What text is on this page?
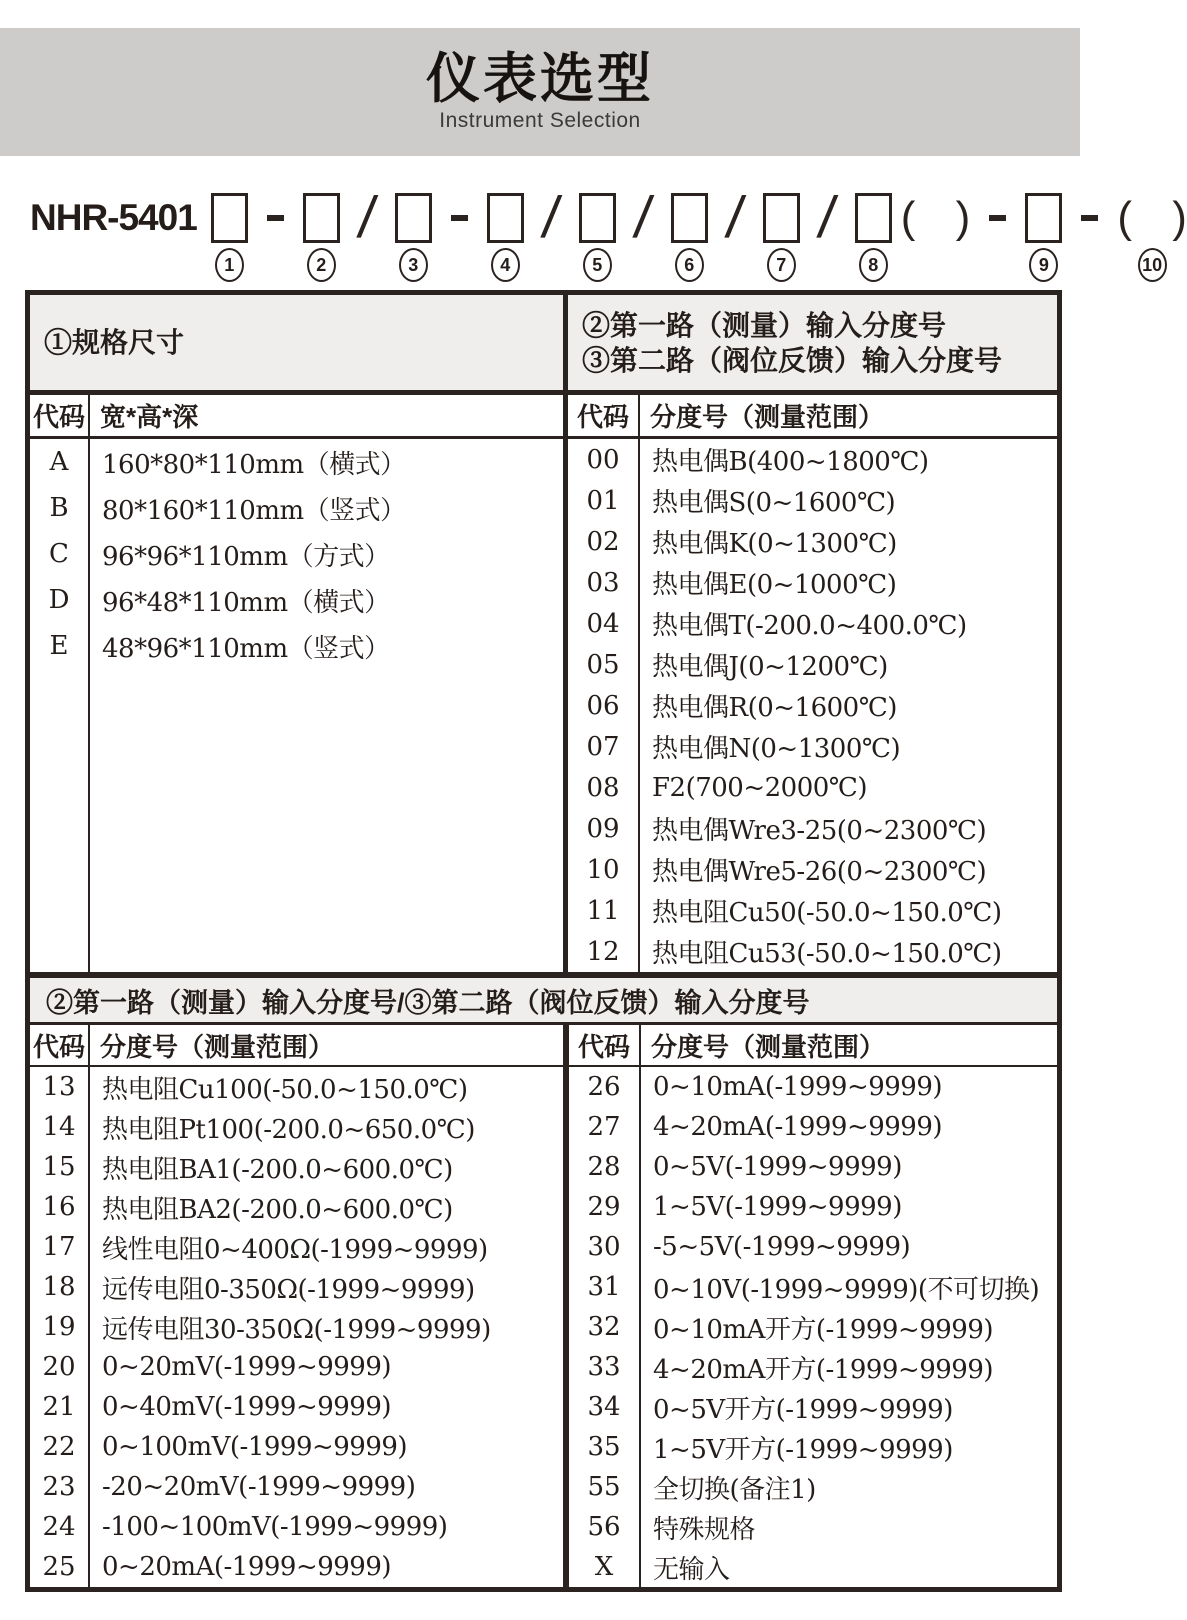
仪表选型
Instrument Selection
NHR-5401
1	2
/
3	4
/
5
/
6
/
7
/
8
( )
9
( )
10
①规格尺寸
代码 宽*高*深
A	160*80*110mm（横式）
B	80*160*110mm（竖式）
C	96*96*110mm（方式）
D	96*48*110mm（横式）
E	48*96*110mm（竖式）
②第一路（测量）输入分度号
③第二路（阀位反馈）输入分度号
代码 分度号（测量范围）
00	热电偶B(400~1800℃)
01	热电偶S(0~1600℃)
02	热电偶K(0~1300℃)
03	热电偶E(0~1000℃)
04	热电偶T(-200.0~400.0℃)
05	热电偶J(0~1200℃)
06	热电偶R(0~1600℃)
07	热电偶N(0~1300℃)
08	F2(700~2000℃)
09	热电偶Wre3-25(0~2300℃)
10	热电偶Wre5-26(0~2300℃)
11	热电阻Cu50(-50.0~150.0℃)
12	热电阻Cu53(-50.0~150.0℃)
②第一路（测量）输入分度号/③第二路（阀位反馈）输入分度号
代码 分度号（测量范围）
13	热电阻Cu100(-50.0~150.0℃)
14	热电阻Pt100(-200.0~650.0℃)
15	热电阻BA1(-200.0~600.0℃)
16	热电阻BA2(-200.0~600.0℃)
17	线性电阻0~400Ω(-1999~9999)
18	远传电阻0-350Ω(-1999~9999)
19	远传电阻30-350Ω(-1999~9999)
20	0~20mV(-1999~9999)
21	0~40mV(-1999~9999)
22	0~100mV(-1999~9999)
23	-20~20mV(-1999~9999)
24	-100~100mV(-1999~9999)
25	0~20mA(-1999~9999)
代码 分度号（测量范围）
26	0~10mA(-1999~9999)
27	4~20mA(-1999~9999)
28	0~5V(-1999~9999)
29	1~5V(-1999~9999)
30	-5~5V(-1999~9999)
31	0~10V(-1999~9999)(不可切换)
32	0~10mA开方(-1999~9999)
33	4~20mA开方(-1999~9999)
34	0~5V开方(-1999~9999)
35	1~5V开方(-1999~9999)
55	全切换(备注1)
56	特殊规格
X	无输入
